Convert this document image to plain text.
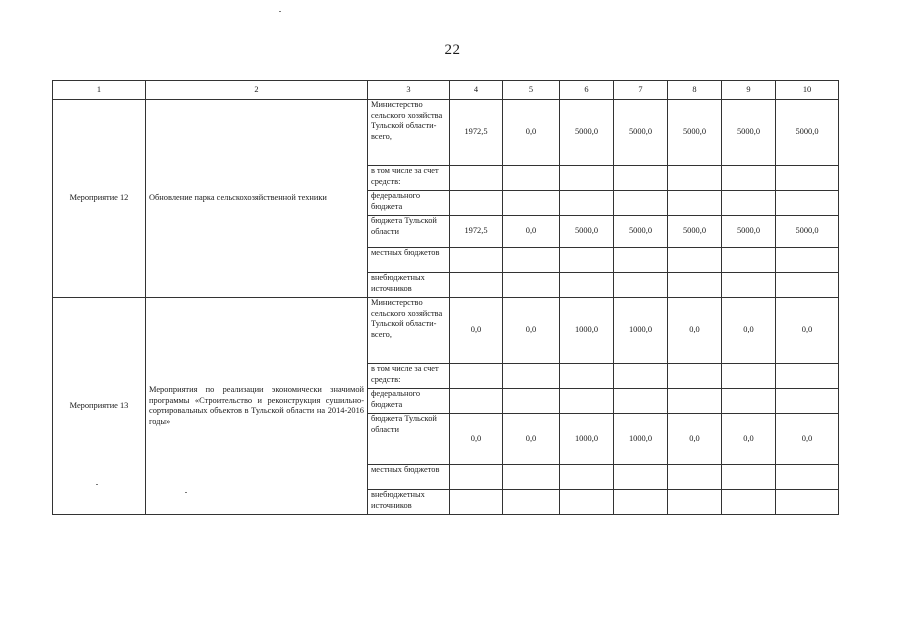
22
1	2	3	4	5	6	7	8	9	10
Мероприятие 12	Обновление парка сельскохозяйственной техники	Министерство сельского хозяйства Тульской области- всего,	1972,5	0,0	5000,0	5000,0	5000,0	5000,0	5000,0
		в том числе за счет средств:							
		федерального бюджета							
		бюджета Тульской области	1972,5	0,0	5000,0	5000,0	5000,0	5000,0	5000,0
		местных бюджетов							
		внебюджетных источников							
Мероприятие 13	Мероприятия по реализации экономически значимой программы «Строительство и реконструкция сушильно-сортировальных объектов в Тульской области на 2014-2016 годы»	Министерство сельского хозяйства Тульской области- всего,	0,0	0,0	1000,0	1000,0	0,0	0,0	0,0
		в том числе за счет средств:							
		федерального бюджета							
		бюджета Тульской области	0,0	0,0	1000,0	1000,0	0,0	0,0	0,0
		местных бюджетов							
		внебюджетных источников							
